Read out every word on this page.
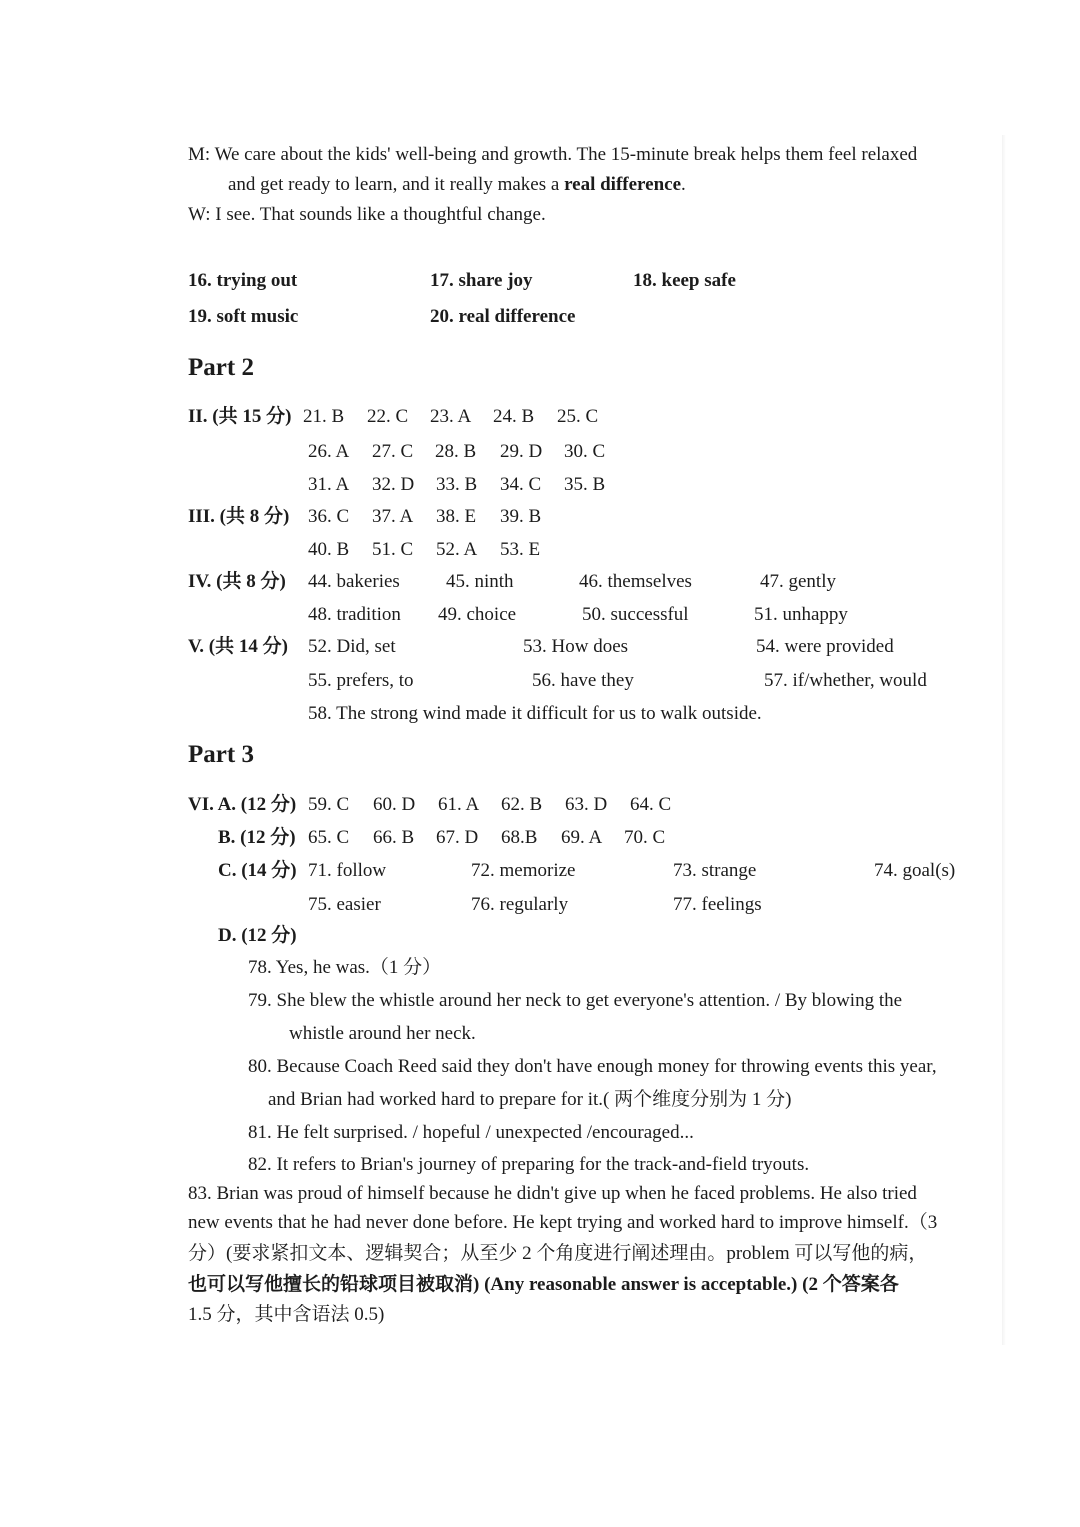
M: We care about the kids' well-being and growth. The 15-minute break helps them feel relaxed
and get ready to learn, and it really makes a real difference.
W: I see. That sounds like a thoughtful change.
16. trying out	17. share joy	18. keep safe
19. soft music	20. real difference
Part 2
II. (共 15 分) 21. B 22. C 23. A 24. B 25. C
26. A 27. C 28. B 29. D 30. C
31. A 32. D 33. B 34. C 35. B
III. (共 8 分) 36. C 37. A 38. E 39. B
40. B 51. C 52. A 53. E
IV. (共 8 分) 44. bakeries 45. ninth	46. themselves	47. gently
48. tradition 49. choice	50. successful	51. unhappy
V. (共 14 分) 52. Did, set	53. How does	54. were provided
55. prefers, to	56. have they	57. if/whether, would
58. The strong wind made it difficult for us to walk outside.
Part 3
VI. A. (12 分) 59. C 60. D 61. A 62. B 63. D 64. C
B. (12 分) 65. C 66. B 67. D 68.B 69. A 70. C
C. (14 分) 71. follow	72. memorize	73. strange	74. goal(s)
75. easier	76. regularly	77. feelings
D. (12 分)
78. Yes, he was.（1 分）
79. She blew the whistle around her neck to get everyone's attention. / By blowing the
whistle around her neck.
80. Because Coach Reed said they don't have enough money for throwing events this year,
and Brian had worked hard to prepare for it.( 两个维度分别为 1 分)
81. He felt surprised. / hopeful / unexpected /encouraged...
82. It refers to Brian's journey of preparing for the track-and-field tryouts.
83. Brian was proud of himself because he didn't give up when he faced problems. He also tried
new events that he had never done before. He kept trying and worked hard to improve himself.（3
分）(要求紧扣文本、逻辑契合；从至少 2 个角度进行阐述理由。problem 可以写他的病，
也可以写他擅长的铅球项目被取消) (Any reasonable answer is acceptable.) (2 个答案各
1.5 分，其中含语法 0.5)
